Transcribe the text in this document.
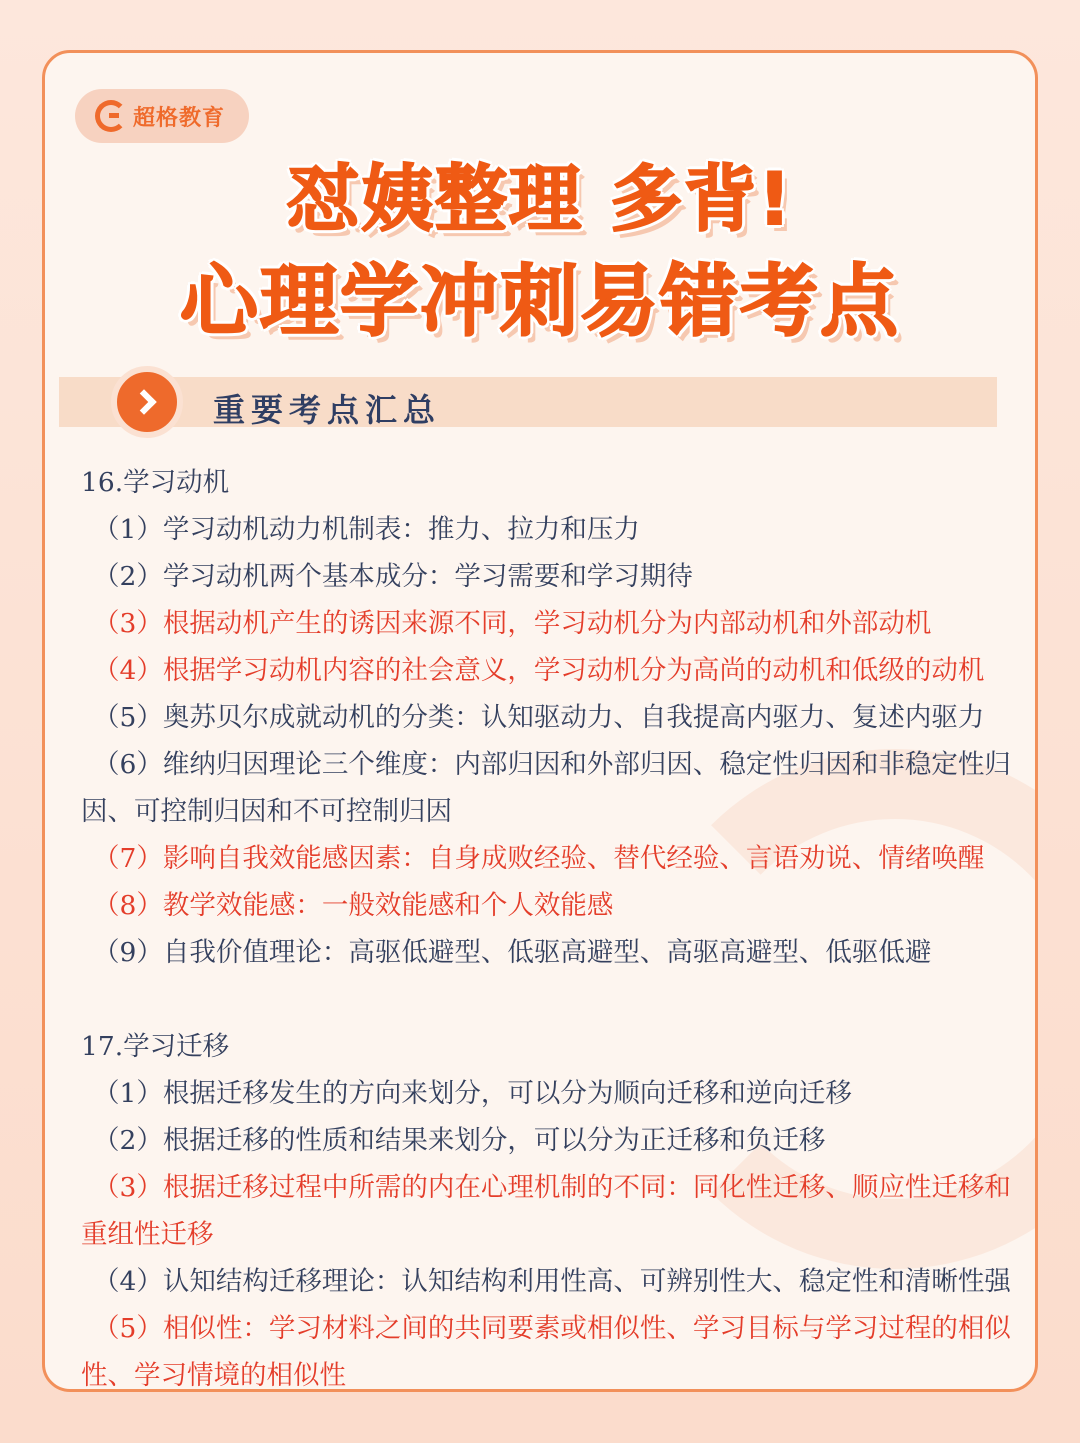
超格教育
怼姨整理 多背!
心理学冲刺易错考点
重要考点汇总
16.学习动机
（1）学习动机动力机制表：推力、拉力和压力
（2）学习动机两个基本成分：学习需要和学习期待
（3）根据动机产生的诱因来源不同，学习动机分为内部动机和外部动机
（4）根据学习动机内容的社会意义，学习动机分为高尚的动机和低级的动机
（5）奥苏贝尔成就动机的分类：认知驱动力、自我提高内驱力、复述内驱力
（6）维纳归因理论三个维度：内部归因和外部归因、稳定性归因和非稳定性归因、可控制归因和不可控制归因
（7）影响自我效能感因素：自身成败经验、替代经验、言语劝说、情绪唤醒
（8）教学效能感：一般效能感和个人效能感
（9）自我价值理论：高驱低避型、低驱高避型、高驱高避型、低驱低避
17.学习迁移
（1）根据迁移发生的方向来划分，可以分为顺向迁移和逆向迁移
（2）根据迁移的性质和结果来划分，可以分为正迁移和负迁移
（3）根据迁移过程中所需的内在心理机制的不同：同化性迁移、顺应性迁移和重组性迁移
（4）认知结构迁移理论：认知结构利用性高、可辨别性大、稳定性和清晰性强
（5）相似性：学习材料之间的共同要素或相似性、学习目标与学习过程的相似性、学习情境的相似性
